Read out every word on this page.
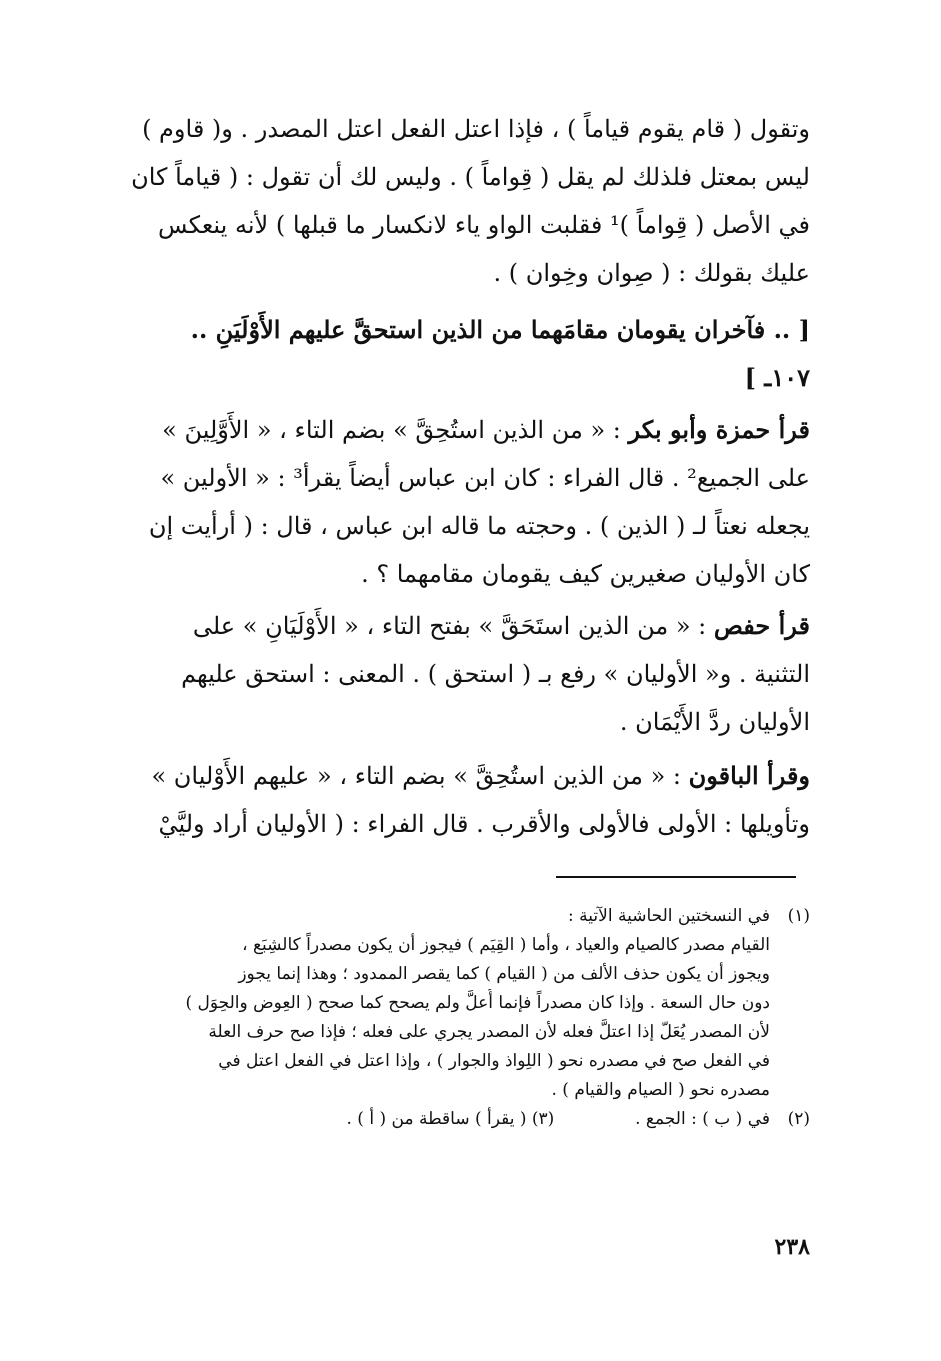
وتقول ( قام يقوم قياماً ) ، فإذا اعتل الفعل اعتل المصدر . و( قاوم )
ليس بمعتل فلذلك لم يقل ( قِواماً ) . وليس لك أن تقول : ( قياماً كان
في الأصل ( قِواماً )¹ فقلبت الواو ياء لانكسار ما قبلها ) لأنه ينعكس
عليك بقولك : ( صِوان وخِوان ) .
[ .. فآخران يقومان مقامَهما من الذين استحقَّ عليهم الأَوْلَيَنِ ..
١٠٧ـ ]
قرأ حمزة وأبو بكر : « من الذين استُحِقَّ » بضم التاء ، « الأَوَّلِينَ »
على الجميع² . قال الفراء : كان ابن عباس أيضاً يقرأ³ : « الأولين »
يجعله نعتاً لـ ( الذين ) . وحجته ما قاله ابن عباس ، قال : ( أرأيت إن
كان الأوليان صغيرين كيف يقومان مقامهما ؟ .
قرأ حفص : « من الذين استَحَقَّ » بفتح التاء ، « الأَوْلَيَانِ » على
التثنية . و« الأوليان » رفع بـ ( استحق ) . المعنى : استحق عليهم
الأوليان ردَّ الأَيْمَان .
وقرأ الباقون : « من الذين استُحِقَّ » بضم التاء ، « عليهم الأَوْليان »
وتأويلها : الأولى فالأولى والأقرب . قال الفراء : ( الأوليان أراد وليَّيْ
(١)في النسختين الحاشية الآتية :
القيام مصدر كالصيام والعياد ، وأما ( القِيَم ) فيجوز أن يكون مصدراً كالشِبَع ،
ويجوز أن يكون حذف الألف من ( القيام ) كما يقصر الممدود ؛ وهذا إنما يجوز
دون حال السعة . وإذا كان مصدراً فإنما أُعلَّ ولم يصحح كما صحح ( العِوض والحِوَل )
لأن المصدر يُعَلّ إذا اعتلَّ فعله لأن المصدر يجري على فعله ؛ فإذا صح حرف العلة
في الفعل صح في مصدره نحو ( اللِواذ والجوار ) ، وإذا اعتل في الفعل اعتل في
مصدره نحو ( الصيام والقيام ) .
(٢)في ( ب ) : الجمع .  (٣) ( يقرأ ) ساقطة من ( أ ) .
٢٣٨
